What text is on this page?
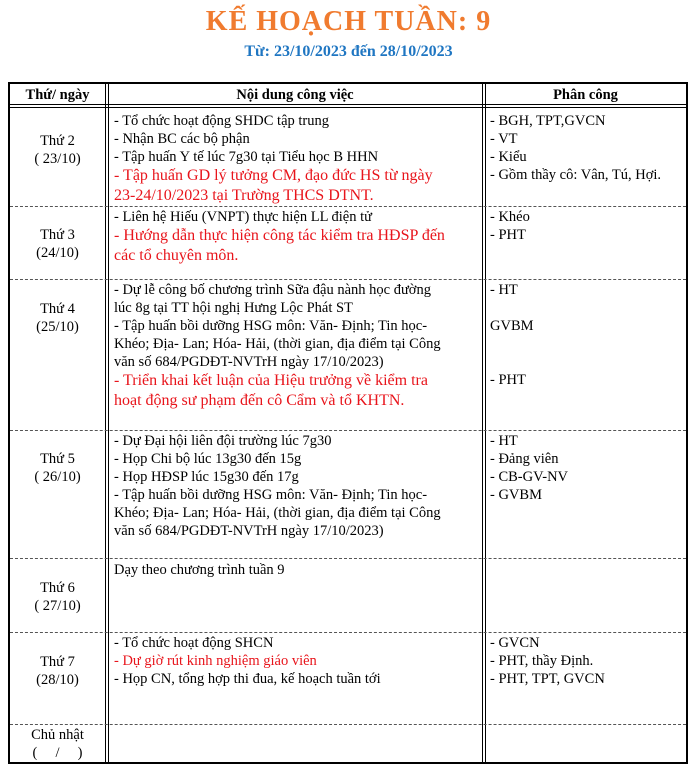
KẾ HOẠCH TUẦN: 9
Từ: 23/10/2023 đến 28/10/2023
Thứ/ ngày	Nội dung công việc	Phân công
Thứ 2
( 23/10)
- Tổ chức hoạt động SHDC tập trung
- Nhận BC các bộ phận
- Tập huấn Y tế lúc 7g30 tại Tiểu học B HHN
- Tập huấn GD lý tưởng CM, đạo đức HS từ ngày
23-24/10/2023 tại Trường THCS DTNT.
- BGH, TPT,GVCN
- VT
- Kiểu
- Gồm thầy cô: Vân, Tú, Hợi.
Thứ 3
(24/10)
- Liên hệ Hiếu (VNPT) thực hiện LL điện tử
- Hướng dẫn thực hiện công tác kiểm tra HĐSP đến
các tổ chuyên môn.
- Khéo
- PHT
Thứ 4
(25/10)
- Dự lễ công bố chương trình Sữa đậu nành học đường
lúc 8g tại TT hội nghị Hưng Lộc Phát ST
- Tập huấn bồi dưỡng HSG môn: Văn- Định; Tin học-
Khéo; Địa- Lan; Hóa- Hải, (thời gian, địa điểm tại Công
văn số 684/PGDĐT-NVTrH ngày 17/10/2023)
- Triển khai kết luận của Hiệu trưởng về kiểm tra
hoạt động sư phạm đến cô Cẩm và tổ KHTN.
- HT
GVBM
- PHT
Thứ 5
( 26/10)
- Dự Đại hội liên đội trường lúc 7g30
- Họp Chi bộ lúc 13g30 đến 15g
- Họp HĐSP lúc 15g30 đến 17g
- Tập huấn bồi dưỡng HSG môn: Văn- Định; Tin học-
Khéo; Địa- Lan; Hóa- Hải, (thời gian, địa điểm tại Công
văn số 684/PGDĐT-NVTrH ngày 17/10/2023)
- HT
- Đảng viên
- CB-GV-NV
- GVBM
Thứ 6
( 27/10)
Dạy theo chương trình tuần 9
Thứ 7
(28/10)
- Tổ chức hoạt động SHCN
- Dự giờ rút kinh nghiệm giáo viên
- Họp CN, tổng hợp thi đua, kế hoạch tuần tới
- GVCN
- PHT, thầy Định.
- PHT, TPT, GVCN
Chủ nhật
(     /     )
